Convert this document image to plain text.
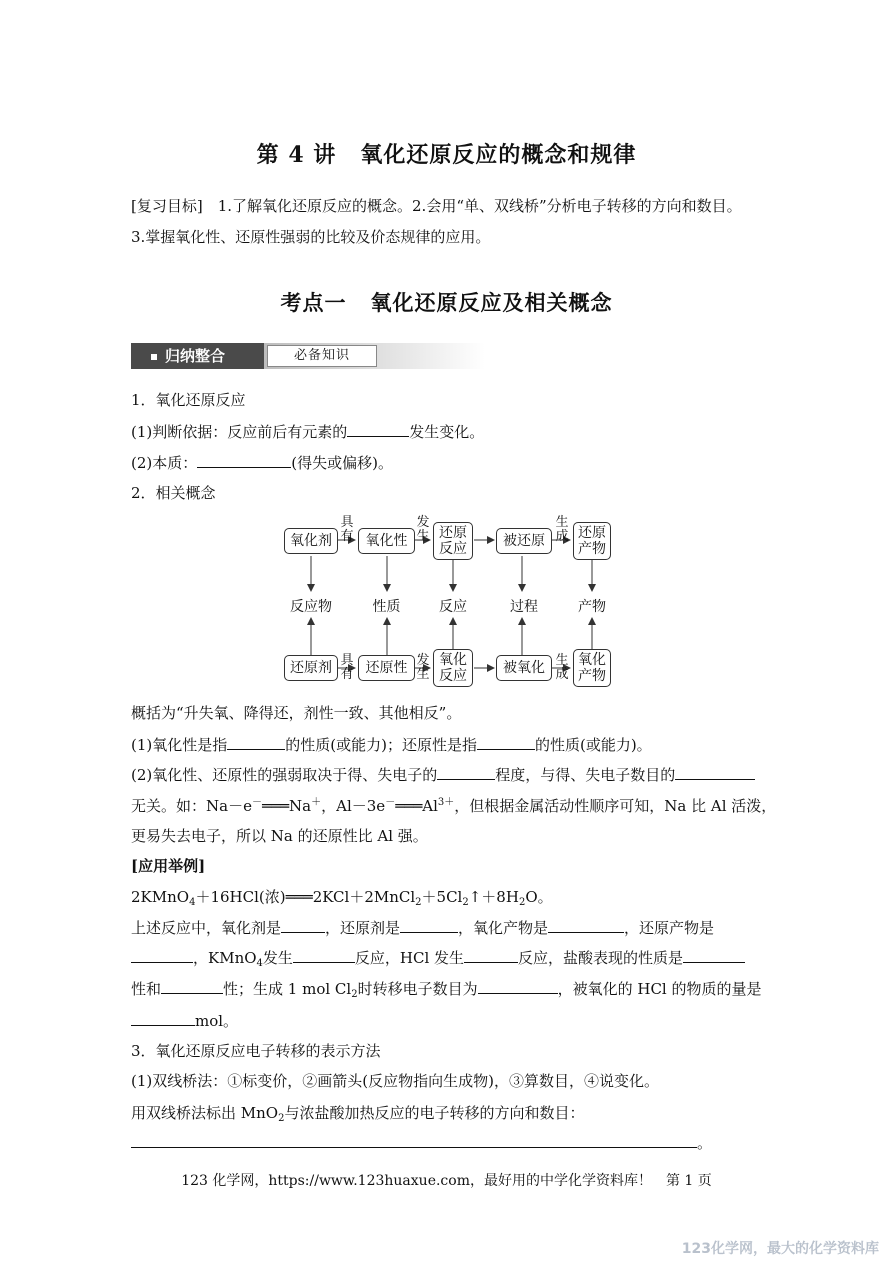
第 4 讲 氧化还原反应的概念和规律
[复习目标]　1.了解氧化还原反应的概念。2.会用“单、双线桥”分析电子转移的方向和数目。
3.掌握氧化性、还原性强弱的比较及价态规律的应用。
考点一 氧化还原反应及相关概念
归纳整合	必备知识
1．氧化还原反应
(1)判断依据：反应前后有元素的	发生变化。
(2)本质：	(得失或偏移)。
2．相关概念
氧化剂	氧化性	还原反应	被还原	还原产物
具有
发生
生成
反应物	性质	反应	过程	产物
还原剂	还原性	氧化反应	被氧化	氧化产物
具有
发生
生成
概括为“升失氧、降得还，剂性一致、其他相反”。
(1)氧化性是指	的性质(或能力)；还原性是指	的性质(或能力)。
(2)氧化性、还原性的强弱取决于得、失电子的	程度，与得、失电子数目的
无关。如：Na－e－═══Na＋，$Al-3e^-═══Al^{3+}$，但根据金属活动性顺序可知，Na 比 Al 活泼，
更易失去电子，所以 Na 的还原性比 Al 强。
[应用举例]
2KMnO$_4$＋16HCl(浓)$═══2KCl+2MnCl_2+5Cl_2↑+8H_2O$。
上述反应中，氧化剂是	，还原剂是	，氧化产物是	，还原产物是
，KMnO$_4$发生	反应，HCl 发生	反应，盐酸表现的性质是
性和	性；生成 1 mol $Cl_2$时转移电子数目为	，被氧化的 HCl 的物质的量是
mol。
3．氧化还原反应电子转移的表示方法
(1)双线桥法：①标变价，②画箭头(反应物指向生成物)，③算数目，④说变化。
用双线桥法标出 MnO$_2$与浓盐酸加热反应的电子转移的方向和数目：
。
123 化学网，https://www.123huaxue.com，最好用的中学化学资料库！　第 1 页
123化学网，最大的化学资料库
